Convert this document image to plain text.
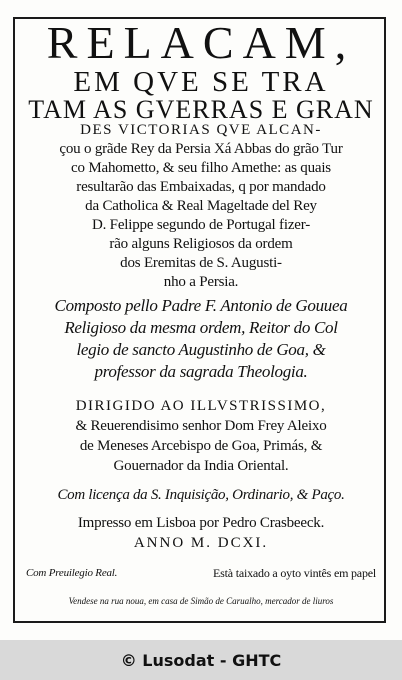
RELACAM,
EM QVE SE TRA
TAM AS GVERRAS E GRAN
DES VICTORIAS QVE ALCAN-
çou o grãde Rey da Persia Xá Abbas do grão Tur
co Mahometto, & seu filho Amethe: as quais
resultarão das Embaixadas, q por mandado
da Catholica & Real Mageltade del Rey
D. Felippe segundo de Portugal fizer-
rão alguns Religiosos da ordem
dos Eremitas de S. Augusti-
nho a Persia.
Composto pello Padre F. Antonio de Gouuea
Religioso da mesma ordem, Reitor do Col
legio de sancto Augustinho de Goa, &
professor da sagrada Theologia.
DIRIGIDO AO ILLVSTRISSIMO,
& Reuerendisimo senhor Dom Frey Aleixo
de Meneses Arcebispo de Goa, Primás, &
Gouernador da India Oriental.
Com licença da S. Inquisição, Ordinario, & Paço.
Impresso em Lisboa por Pedro Crasbeeck.
ANNO M. DCXI.
Com Preuilegio Real.	Està taixado a oyto vintês em papel
Vendese na rua noua, em casa de Simão de Carualho, mercador de liuros
© Lusodat - GHTC
